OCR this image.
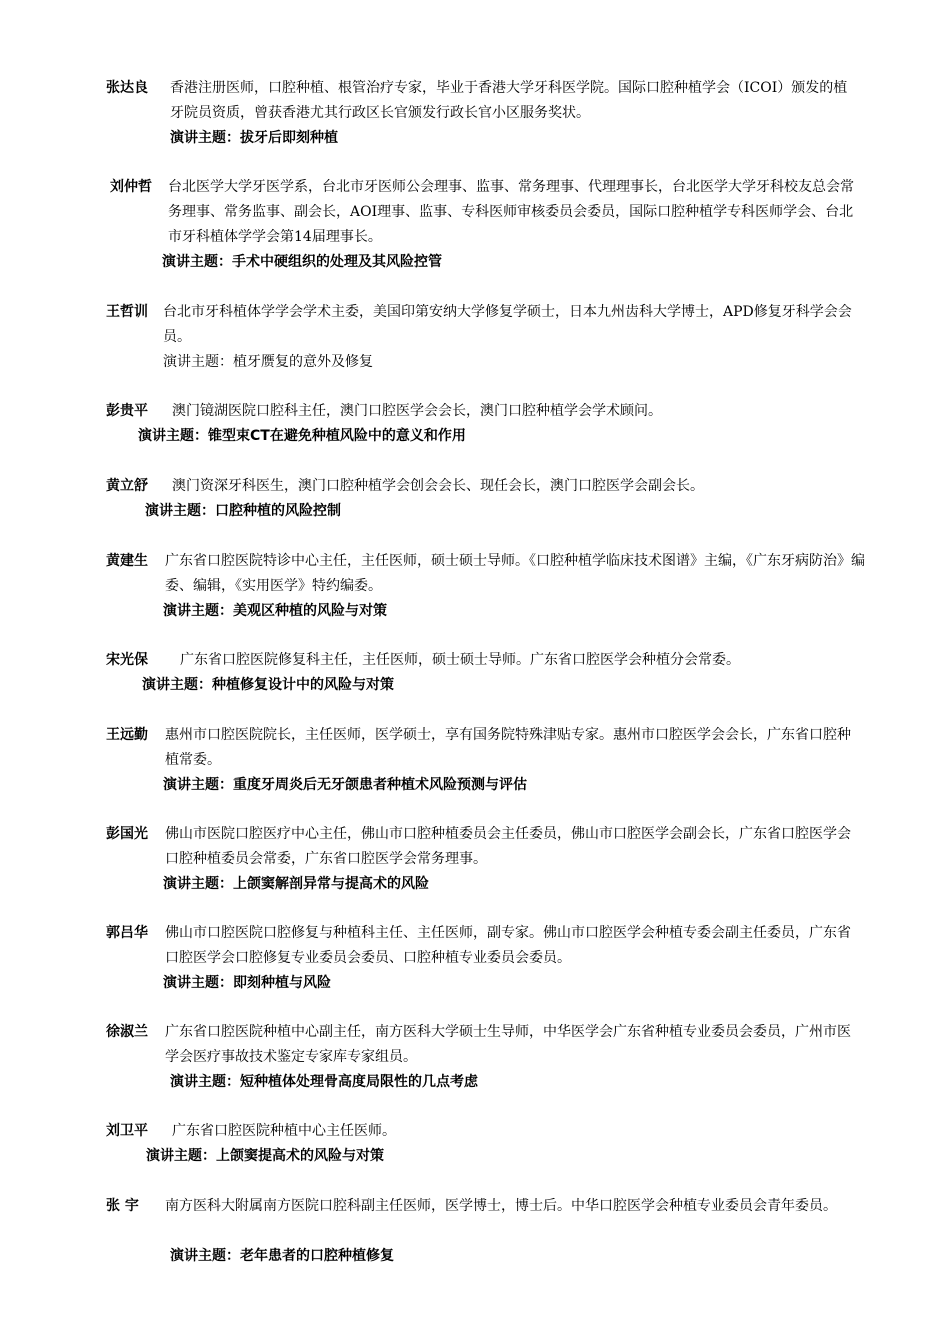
张达良 香港注册医师，口腔种植、根管治疗专家，毕业于香港大学牙科医学院。国际口腔种植学会（ICOI）颁发的植牙院员资质，曾获香港尤其行政区长官颁发行政长官小区服务奖状。

演讲主题：拔牙后即刻种植
刘仲哲 台北医学大学牙医学系，台北市牙医师公会理事、监事、常务理事、代理理事长，台北医学大学牙科校友总会常务理事、常务监事、副会长，AOI理事、监事、专科医师审核委员会委员，国际口腔种植学专科医师学会、台北市牙科植体学学会第14届理事长。

演讲主题：手术中硬组织的处理及其风险控管
王哲训 台北市牙科植体学学会学术主委，美国印第安纳大学修复学硕士，日本九州齿科大学博士，APD修复牙科学会会员。

演讲主题：植牙赝复的意外及修复
彭贵平 澳门镜湖医院口腔科主任，澳门口腔医学会会长，澳门口腔种植学会学术顾问。

演讲主题：锥型束CT在避免种植风险中的意义和作用
黄立舒 澳门资深牙科医生，澳门口腔种植学会创会会长、现任会长，澳门口腔医学会副会长。

演讲主题：口腔种植的风险控制
黄建生 广东省口腔医院特诊中心主任，主任医师，硕士硕士导师。《口腔种植学临床技术图谱》主编，《广东牙病防治》编委、编辑，《实用医学》特约编委。

演讲主题：美观区种植的风险与对策
宋光保 广东省口腔医院修复科主任，主任医师，硕士硕士导师。广东省口腔医学会种植分会常委。

演讲主题：种植修复设计中的风险与对策
王远勤 惠州市口腔医院院长，主任医师，医学硕士，享有国务院特殊津贴专家。惠州市口腔医学会会长，广东省口腔种植常委。

演讲主题：重度牙周炎后无牙颌患者种植术风险预测与评估
彭国光 佛山市医院口腔医疗中心主任，佛山市口腔种植委员会主任委员，佛山市口腔医学会副会长，广东省口腔医学会口腔种植委员会常委，广东省口腔医学会常务理事。

演讲主题：上颌窦解剖异常与提高术的风险
郭吕华 佛山市口腔医院口腔修复与种植科主任、主任医师，副专家。佛山市口腔医学会种植专委会副主任委员，广东省口腔医学会口腔修复专业委员会委员、口腔种植专业委员会委员。

演讲主题：即刻种植与风险
徐淑兰 广东省口腔医院种植中心副主任，南方医科大学硕士生导师，中华医学会广东省种植专业委员会委员，广州市医学会医疗事故技术鉴定专家库专家组员。

演讲主题：短种植体处理骨高度局限性的几点考虑
刘卫平 广东省口腔医院种植中心主任医师。

演讲主题：上颌窦提高术的风险与对策
张 宇 南方医科大附属南方医院口腔科副主任医师，医学博士，博士后。中华口腔医学会种植专业委员会青年委员。

演讲主题：老年患者的口腔种植修复
